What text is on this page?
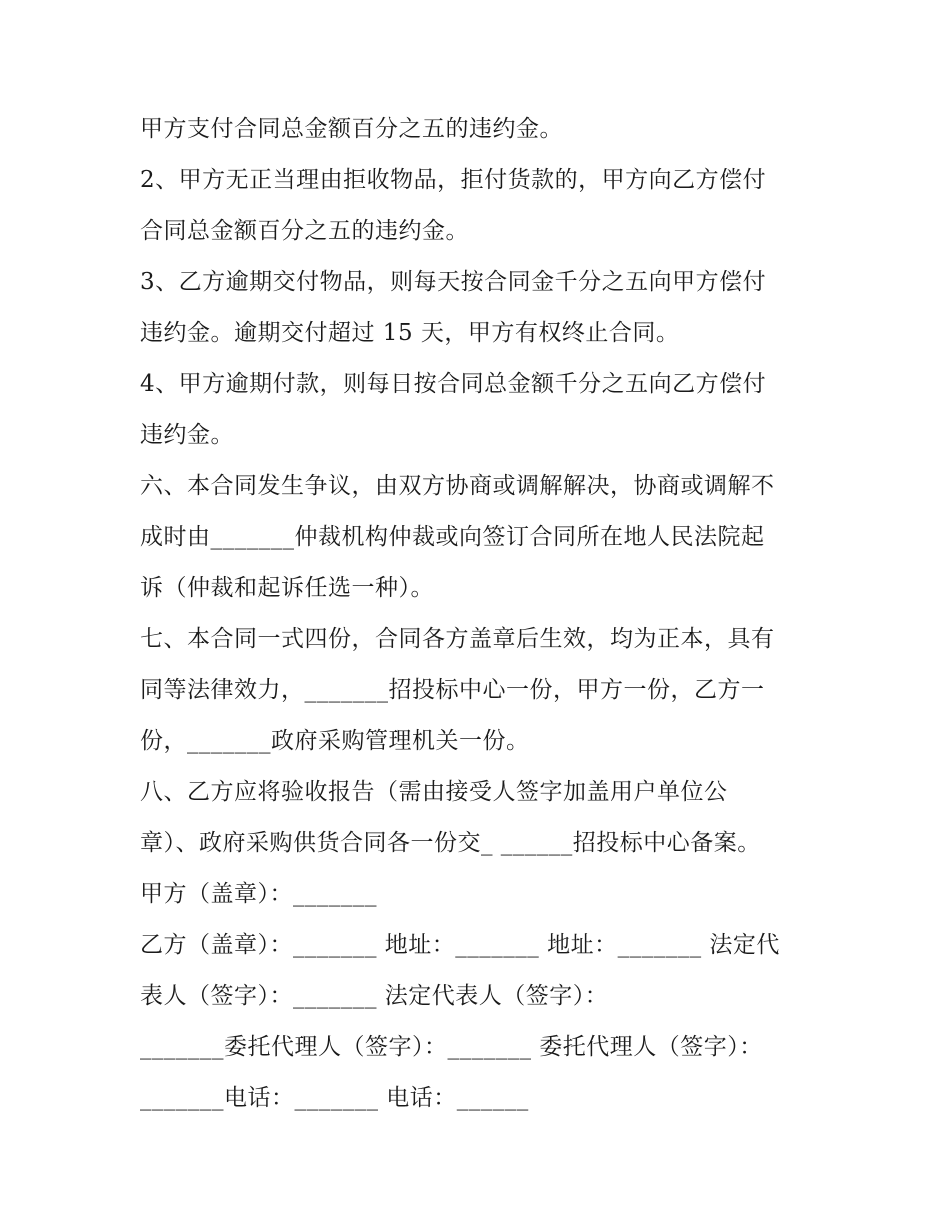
甲方支付合同总金额百分之五的违约金。
2、甲方无正当理由拒收物品，拒付货款的，甲方向乙方偿付
合同总金额百分之五的违约金。
3、乙方逾期交付物品，则每天按合同金千分之五向甲方偿付
违约金。逾期交付超过 15 天，甲方有权终止合同。
4、甲方逾期付款，则每日按合同总金额千分之五向乙方偿付
违约金。
六、本合同发生争议，由双方协商或调解解决，协商或调解不
成时由_______仲裁机构仲裁或向签订合同所在地人民法院起
诉（仲裁和起诉任选一种）。
七、本合同一式四份，合同各方盖章后生效，均为正本，具有
同等法律效力，_______招投标中心一份，甲方一份，乙方一
份，_______政府采购管理机关一份。
八、乙方应将验收报告（需由接受人签字加盖用户单位公
章）、政府采购供货合同各一份交_ ______招投标中心备案。
甲方（盖章）：_______
乙方（盖章）：_______ 地址：_______ 地址：_______ 法定代
表人（签字）：_______ 法定代表人（签字）：
_______委托代理人（签字）：_______ 委托代理人（签字）：
_______电话：_______ 电话：______
